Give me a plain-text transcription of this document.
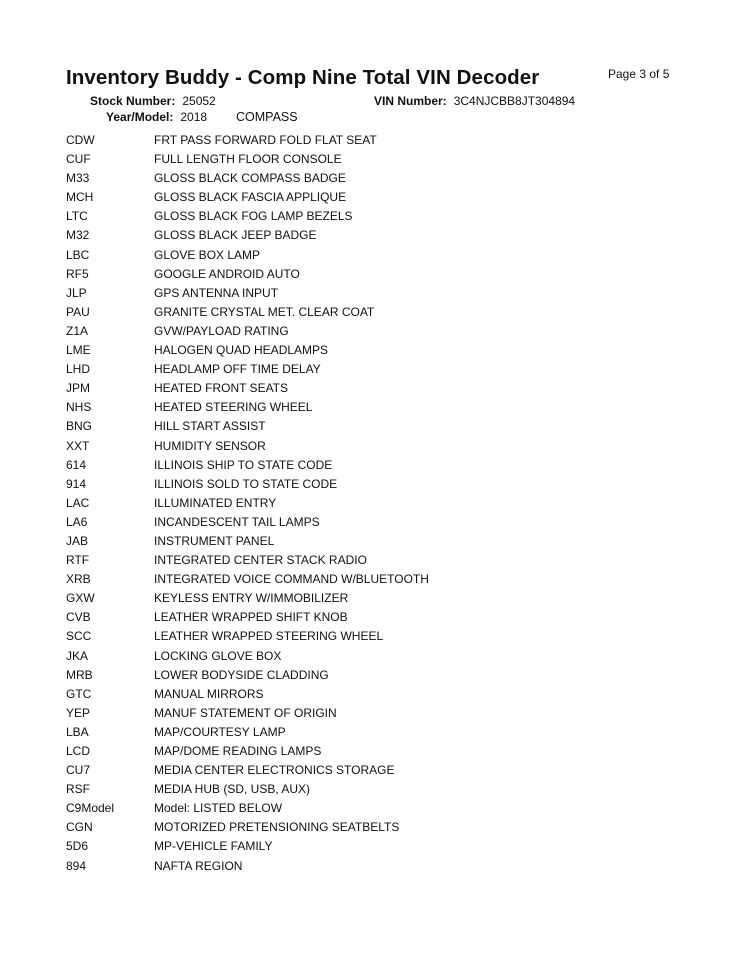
Inventory Buddy - Comp Nine Total VIN Decoder	Page 3 of 5
Stock Number: 25052	VIN Number: 3C4NJCBB8JT304894
Year/Model: 2018 COMPASS
CDW	FRT PASS FORWARD FOLD FLAT SEAT
CUF	FULL LENGTH FLOOR CONSOLE
M33	GLOSS BLACK COMPASS BADGE
MCH	GLOSS BLACK FASCIA APPLIQUE
LTC	GLOSS BLACK FOG LAMP BEZELS
M32	GLOSS BLACK JEEP BADGE
LBC	GLOVE BOX LAMP
RF5	GOOGLE ANDROID AUTO
JLP	GPS ANTENNA INPUT
PAU	GRANITE CRYSTAL MET. CLEAR COAT
Z1A	GVW/PAYLOAD RATING
LME	HALOGEN QUAD HEADLAMPS
LHD	HEADLAMP OFF TIME DELAY
JPM	HEATED FRONT SEATS
NHS	HEATED STEERING WHEEL
BNG	HILL START ASSIST
XXT	HUMIDITY SENSOR
614	ILLINOIS SHIP TO STATE CODE
914	ILLINOIS SOLD TO STATE CODE
LAC	ILLUMINATED ENTRY
LA6	INCANDESCENT TAIL LAMPS
JAB	INSTRUMENT PANEL
RTF	INTEGRATED CENTER STACK RADIO
XRB	INTEGRATED VOICE COMMAND W/BLUETOOTH
GXW	KEYLESS ENTRY W/IMMOBILIZER
CVB	LEATHER WRAPPED SHIFT KNOB
SCC	LEATHER WRAPPED STEERING WHEEL
JKA	LOCKING GLOVE BOX
MRB	LOWER BODYSIDE CLADDING
GTC	MANUAL MIRRORS
YEP	MANUF STATEMENT OF ORIGIN
LBA	MAP/COURTESY LAMP
LCD	MAP/DOME READING LAMPS
CU7	MEDIA CENTER ELECTRONICS STORAGE
RSF	MEDIA HUB (SD, USB, AUX)
C9Model	Model: LISTED BELOW
CGN	MOTORIZED PRETENSIONING SEATBELTS
5D6	MP-VEHICLE FAMILY
894	NAFTA REGION
